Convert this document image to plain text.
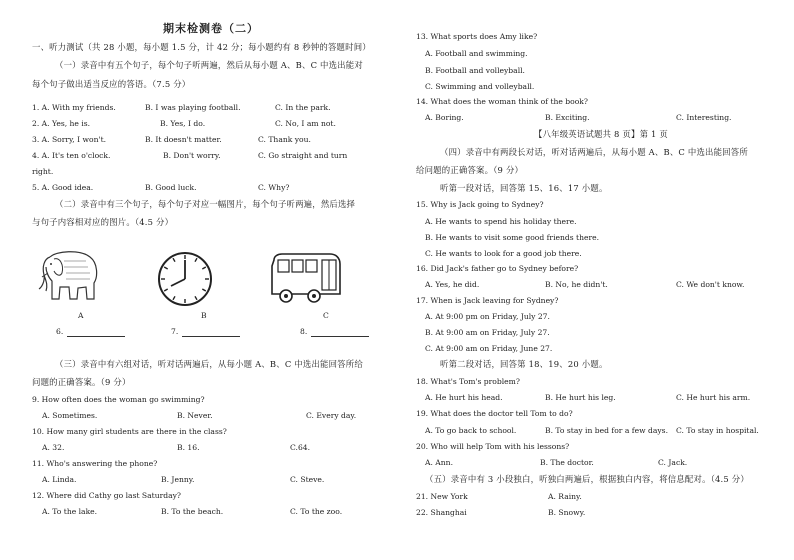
期末检测卷（二）
一、听力测试（共 28 小题，每小题 1.5 分，计 42 分；每小题约有 8 秒钟的答题时间）
（一）录音中有五个句子，每个句子听两遍，然后从每小题 A、B、C 中选出能对
每个句子做出适当反应的答语。（7.5 分）
1. A. With my friends.	B. I was playing football.	C. In the park.
2. A. Yes, he is.	B. Yes, I do.	C. No, I am not.
3. A. Sorry, I won't.	B. It doesn't matter.	C. Thank you.
4. A. It's ten o'clock.	B. Don't worry.	C. Go straight and turn
right.
5. A. Good idea.	B. Good luck.	C. Why?
（二）录音中有三个句子，每个句子对应一幅图片，每个句子听两遍，然后选择
与句子内容相对应的图片。（4.5 分）
A	B	C
6.	7.	8.
（三）录音中有六组对话，听对话两遍后，从每小题 A、B、C 中选出能回答所给
问题的正确答案。（9 分）
9. How often does the woman go swimming?
A. Sometimes.	B. Never.	C. Every day.
10. How many girl students are there in the class?
A. 32.	B. 16.	C.64.
11. Who's answering the phone?
A. Linda.	B. Jenny.	C. Steve.
12. Where did Cathy go last Saturday?
A. To the lake.	B. To the beach.	C. To the zoo.
13. What sports does Amy like?
A. Football and swimming.
B. Football and volleyball.
C. Swimming and volleyball.
14. What does the woman think of the book?
A. Boring.	B. Exciting.	C. Interesting.
【八年级英语试题共 8 页】第 1 页
（四）录音中有两段长对话，听对话两遍后，从每小题 A、B、C 中选出能回答所
给问题的正确答案。（9 分）
听第一段对话，回答第 15、16、17 小题。
15. Why is Jack going to Sydney?
A. He wants to spend his holiday there.
B. He wants to visit some good friends there.
C. He wants to look for a good job there.
16. Did Jack's father go to Sydney before?
A. Yes, he did.	B. No, he didn't.	C. We don't know.
17. When is Jack leaving for Sydney?
A. At 9:00 pm on Friday, July 27.
B. At 9:00 am on Friday, July 27.
C. At 9:00 am on Friday, June 27.
听第二段对话，回答第 18、19、20 小题。
18. What's Tom's problem?
A. He hurt his head.	B. He hurt his leg.	C. He hurt his arm.
19. What does the doctor tell Tom to do?
A. To go back to school.	B. To stay in bed for a few days. C. To stay in hospital.
20. Who will help Tom with his lessons?
A. Ann.	B. The doctor.	C. Jack.
（五）录音中有 3 小段独白，听独白两遍后，根据独白内容，将信息配对。（4.5 分）
21. New York	A. Rainy.
22. Shanghai	B. Snowy.
